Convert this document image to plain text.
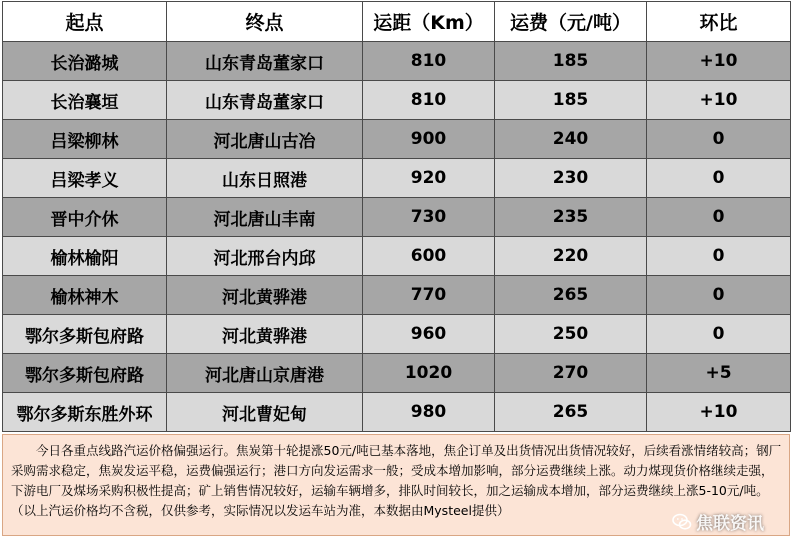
起点	终点	运距（Km）	运费（元/吨）	环比
长治潞城	山东青岛董家口	810	185	+10
长治襄垣	山东青岛董家口	810	185	+10
吕梁柳林	河北唐山古冶	900	240	0
吕梁孝义	山东日照港	920	230	0
晋中介休	河北唐山丰南	730	235	0
榆林榆阳	河北邢台内邱	600	220	0
榆林神木	河北黄骅港	770	265	0
鄂尔多斯包府路	河北黄骅港	960	250	0
鄂尔多斯包府路	河北唐山京唐港	1020	270	+5
鄂尔多斯东胜外环	河北曹妃甸	980	265	+10
今日各重点线路汽运价格偏强运行。焦炭第十轮提涨50元/吨已基本落地，焦企订单及出货情况出货情况较好，后续看涨情绪较高；钢厂采购需求稳定，焦炭发运平稳，运费偏强运行；港口方向发运需求一般；受成本增加影响，部分运费继续上涨。动力煤现货价格继续走强，下游电厂及煤场采购积极性提高；矿上销售情况较好，运输车辆增多，排队时间较长，加之运输成本增加，部分运费继续上涨5-10元/吨。（以上汽运价格均不含税，仅供参考，实际情况以发运车站为准，本数据由Mysteel提供）
焦联资讯
